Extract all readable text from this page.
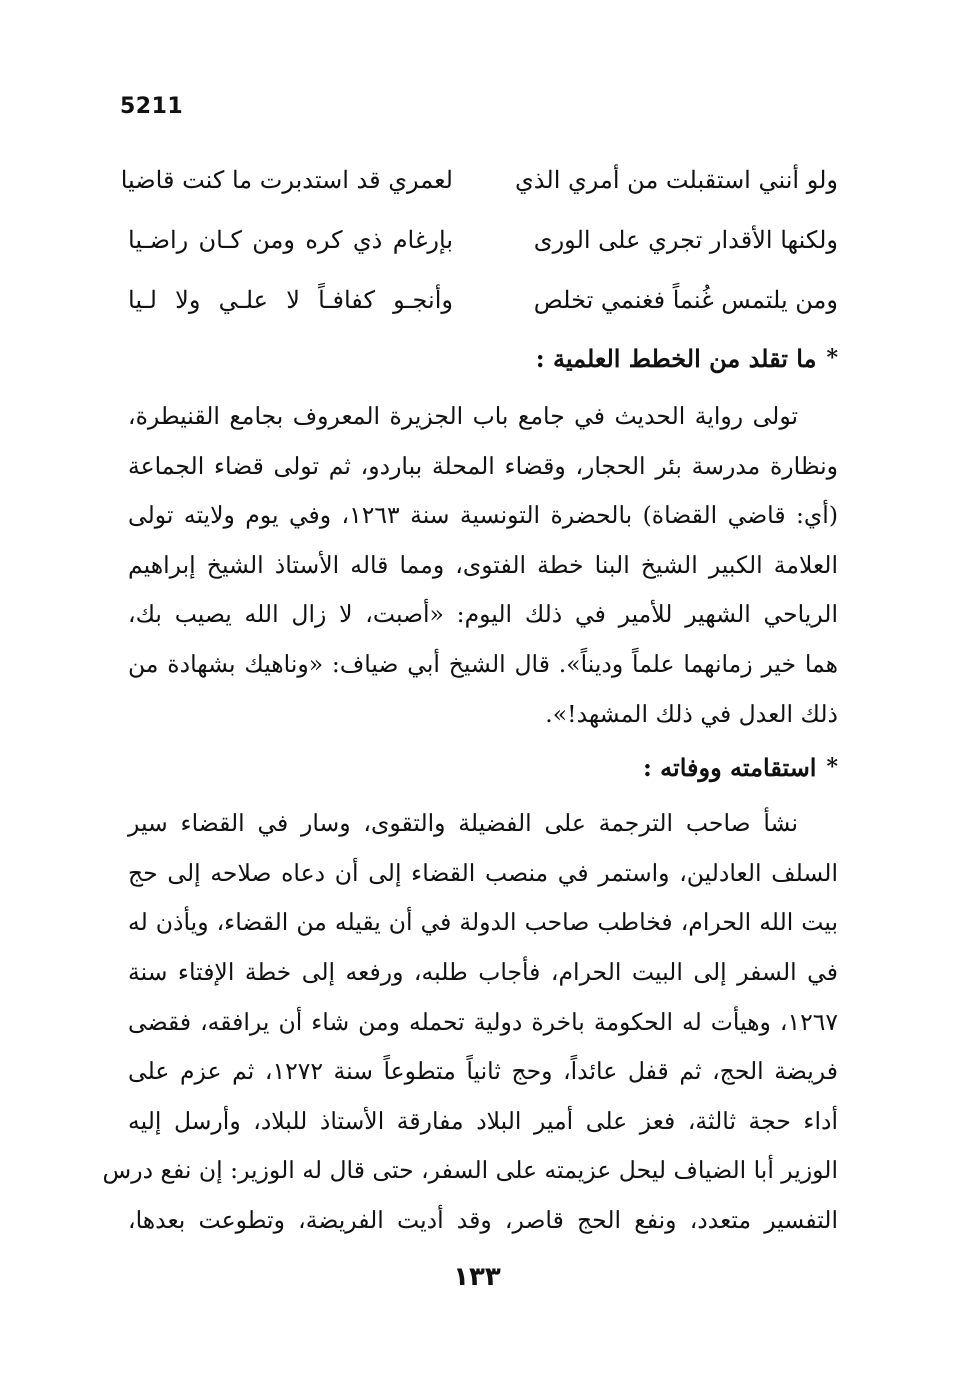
5211
ولو أنني استقبلت من أمري الذي
لعمري قد استدبرت ما كنت قاضيا
ولكنها الأقدار تجري على الورى
بإرغام ذي كره ومن كـان راضـيا
ومن يلتمس غُنماً فغنمي تخلص
وأنجـو كفافـاً لا علـي ولا لـيا
*
ما تقلد من الخطط العلمية :
تولى رواية الحديث في جامع باب الجزيرة المعروف بجامع القنيطرة،
ونظارة مدرسة بئر الحجار، وقضاء المحلة بباردو، ثم تولى قضاء الجماعة
(أي: قاضي القضاة) بالحضرة التونسية سنة ١٢٦٣، وفي يوم ولايته تولى
العلامة الكبير الشيخ البنا خطة الفتوى، ومما قاله الأستاذ الشيخ إبراهيم
الرياحي الشهير للأمير في ذلك اليوم: «أصبت، لا زال الله يصيب بك،
هما خير زمانهما علماً وديناً». قال الشيخ أبي ضياف: «وناهيك بشهادة من
ذلك العدل في ذلك المشهد!».
*
استقامته ووفاته :
نشأ صاحب الترجمة على الفضيلة والتقوى، وسار في القضاء سير
السلف العادلين، واستمر في منصب القضاء إلى أن دعاه صلاحه إلى حج
بيت الله الحرام، فخاطب صاحب الدولة في أن يقيله من القضاء، ويأذن له
في السفر إلى البيت الحرام، فأجاب طلبه، ورفعه إلى خطة الإفتاء سنة
١٢٦٧، وهيأت له الحكومة باخرة دولية تحمله ومن شاء أن يرافقه، فقضى
فريضة الحج، ثم قفل عائداً، وحج ثانياً متطوعاً سنة ١٢٧٢، ثم عزم على
أداء حجة ثالثة، فعز على أمير البلاد مفارقة الأستاذ للبلاد، وأرسل إليه
الوزير أبا الضياف ليحل عزيمته على السفر، حتى قال له الوزير: إن نفع درس
التفسير متعدد، ونفع الحج قاصر، وقد أديت الفريضة، وتطوعت بعدها،
١٣٣
